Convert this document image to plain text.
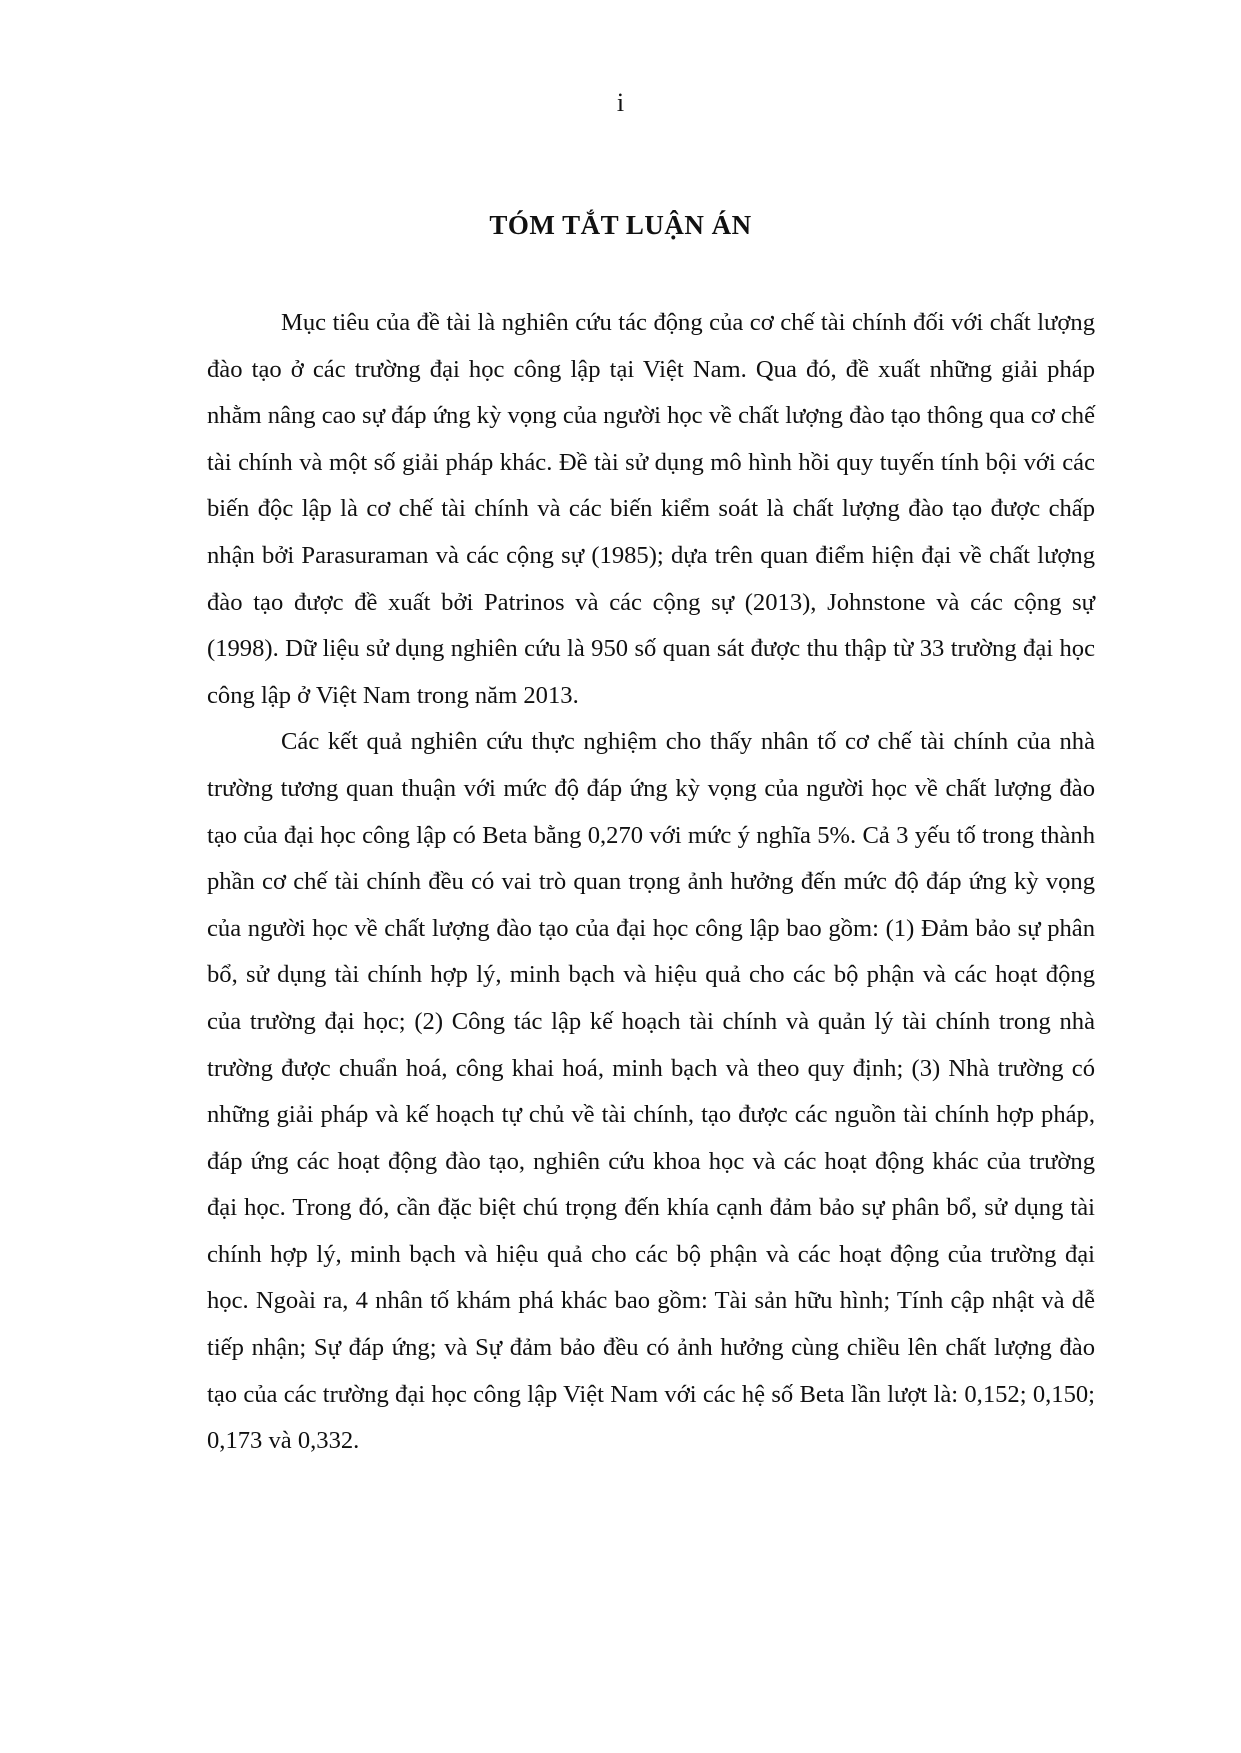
i
TÓM TẮT LUẬN ÁN

Mục tiêu của đề tài là nghiên cứu tác động của cơ chế tài chính đối với chất lượng đào tạo ở các trường đại học công lập tại Việt Nam. Qua đó, đề xuất những giải pháp nhằm nâng cao sự đáp ứng kỳ vọng của người học về chất lượng đào tạo thông qua cơ chế tài chính và một số giải pháp khác. Đề tài sử dụng mô hình hồi quy tuyến tính bội với các biến độc lập là cơ chế tài chính và các biến kiểm soát là chất lượng đào tạo được chấp nhận bởi Parasuraman và các cộng sự (1985); dựa trên quan điểm hiện đại về chất lượng đào tạo được đề xuất bởi Patrinos và các cộng sự (2013), Johnstone và các cộng sự (1998). Dữ liệu sử dụng nghiên cứu là 950 số quan sát được thu thập từ 33 trường đại học công lập ở Việt Nam trong năm 2013.

Các kết quả nghiên cứu thực nghiệm cho thấy nhân tố cơ chế tài chính của nhà trường tương quan thuận với mức độ đáp ứng kỳ vọng của người học về chất lượng đào tạo của đại học công lập có Beta bằng 0,270 với mức ý nghĩa 5%. Cả 3 yếu tố trong thành phần cơ chế tài chính đều có vai trò quan trọng ảnh hưởng đến mức độ đáp ứng kỳ vọng của người học về chất lượng đào tạo của đại học công lập bao gồm: (1) Đảm bảo sự phân bổ, sử dụng tài chính hợp lý, minh bạch và hiệu quả cho các bộ phận và các hoạt động của trường đại học; (2) Công tác lập kế hoạch tài chính và quản lý tài chính trong nhà trường được chuẩn hoá, công khai hoá, minh bạch và theo quy định; (3) Nhà trường có những giải pháp và kế hoạch tự chủ về tài chính, tạo được các nguồn tài chính hợp pháp, đáp ứng các hoạt động đào tạo, nghiên cứu khoa học và các hoạt động khác của trường đại học. Trong đó, cần đặc biệt chú trọng đến khía cạnh đảm bảo sự phân bổ, sử dụng tài chính hợp lý, minh bạch và hiệu quả cho các bộ phận và các hoạt động của trường đại học. Ngoài ra, 4 nhân tố khám phá khác bao gồm: Tài sản hữu hình; Tính cập nhật và dễ tiếp nhận; Sự đáp ứng; và Sự đảm bảo đều có ảnh hưởng cùng chiều lên chất lượng đào tạo của các trường đại học công lập Việt Nam với các hệ số Beta lần lượt là: 0,152; 0,150; 0,173 và 0,332.
